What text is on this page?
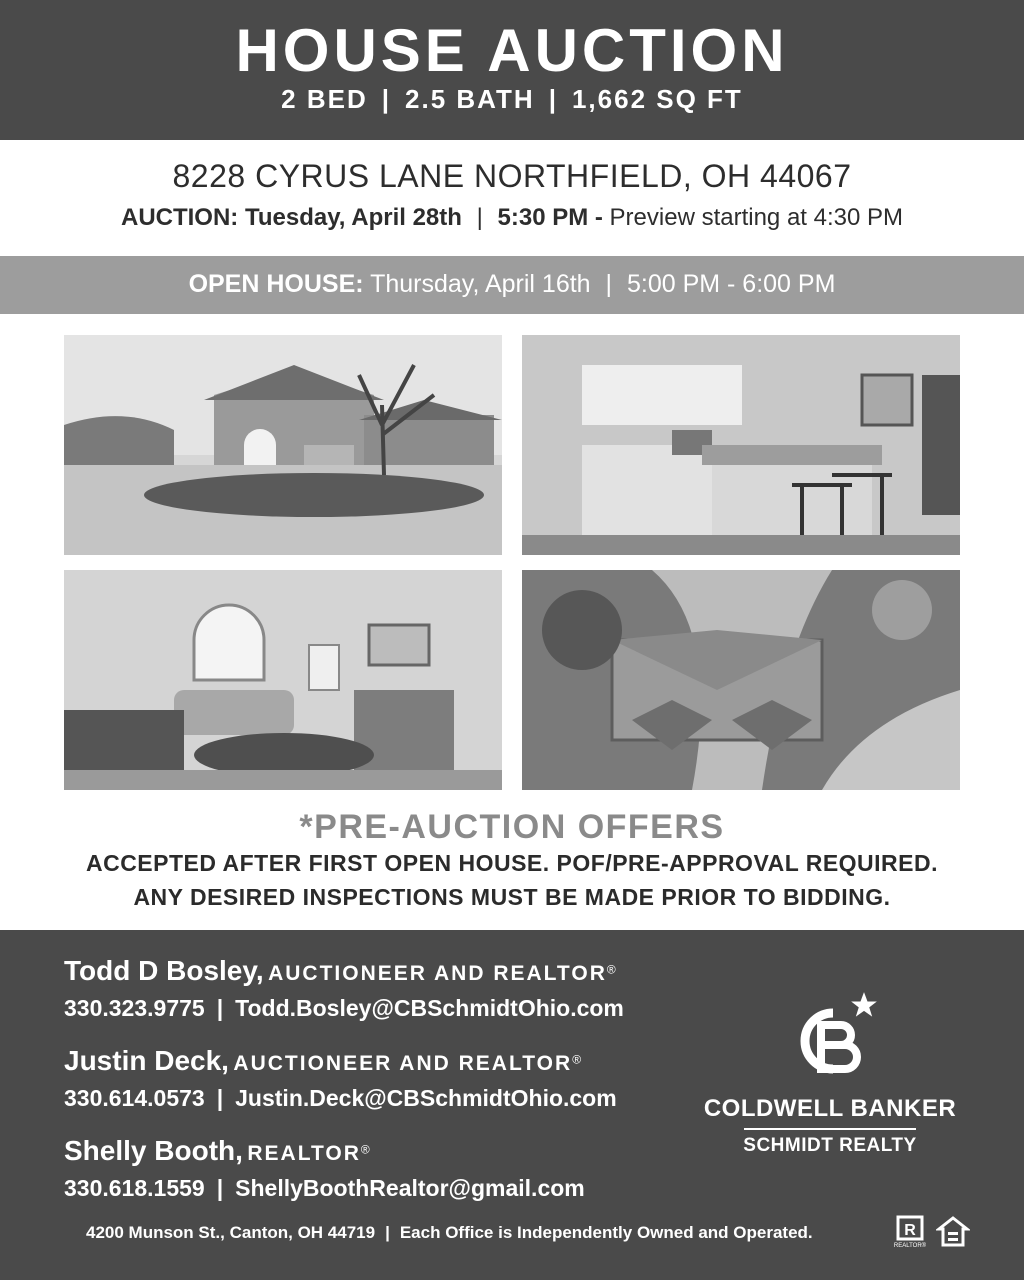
HOUSE AUCTION
2 BED | 2.5 BATH | 1,662 SQ FT
8228 CYRUS LANE NORTHFIELD, OH 44067
AUCTION: Tuesday, April 28th | 5:30 PM - Preview starting at 4:30 PM
OPEN HOUSE: Thursday, April 16th | 5:00 PM - 6:00 PM
*PRE-AUCTION OFFERS
ACCEPTED AFTER FIRST OPEN HOUSE. POF/PRE-APPROVAL REQUIRED.
ANY DESIRED INSPECTIONS MUST BE MADE PRIOR TO BIDDING.
Todd D Bosley, AUCTIONEER AND REALTOR®
330.323.9775 | Todd.Bosley@CBSchmidtOhio.com
Justin Deck, AUCTIONEER AND REALTOR®
330.614.0573 | Justin.Deck@CBSchmidtOhio.com
Shelly Booth, REALTOR®
330.618.1559 | ShellyBoothRealtor@gmail.com
COLDWELL BANKER
SCHMIDT REALTY
4200 Munson St., Canton, OH 44719 | Each Office is Independently Owned and Operated.	R
REALTOR®
